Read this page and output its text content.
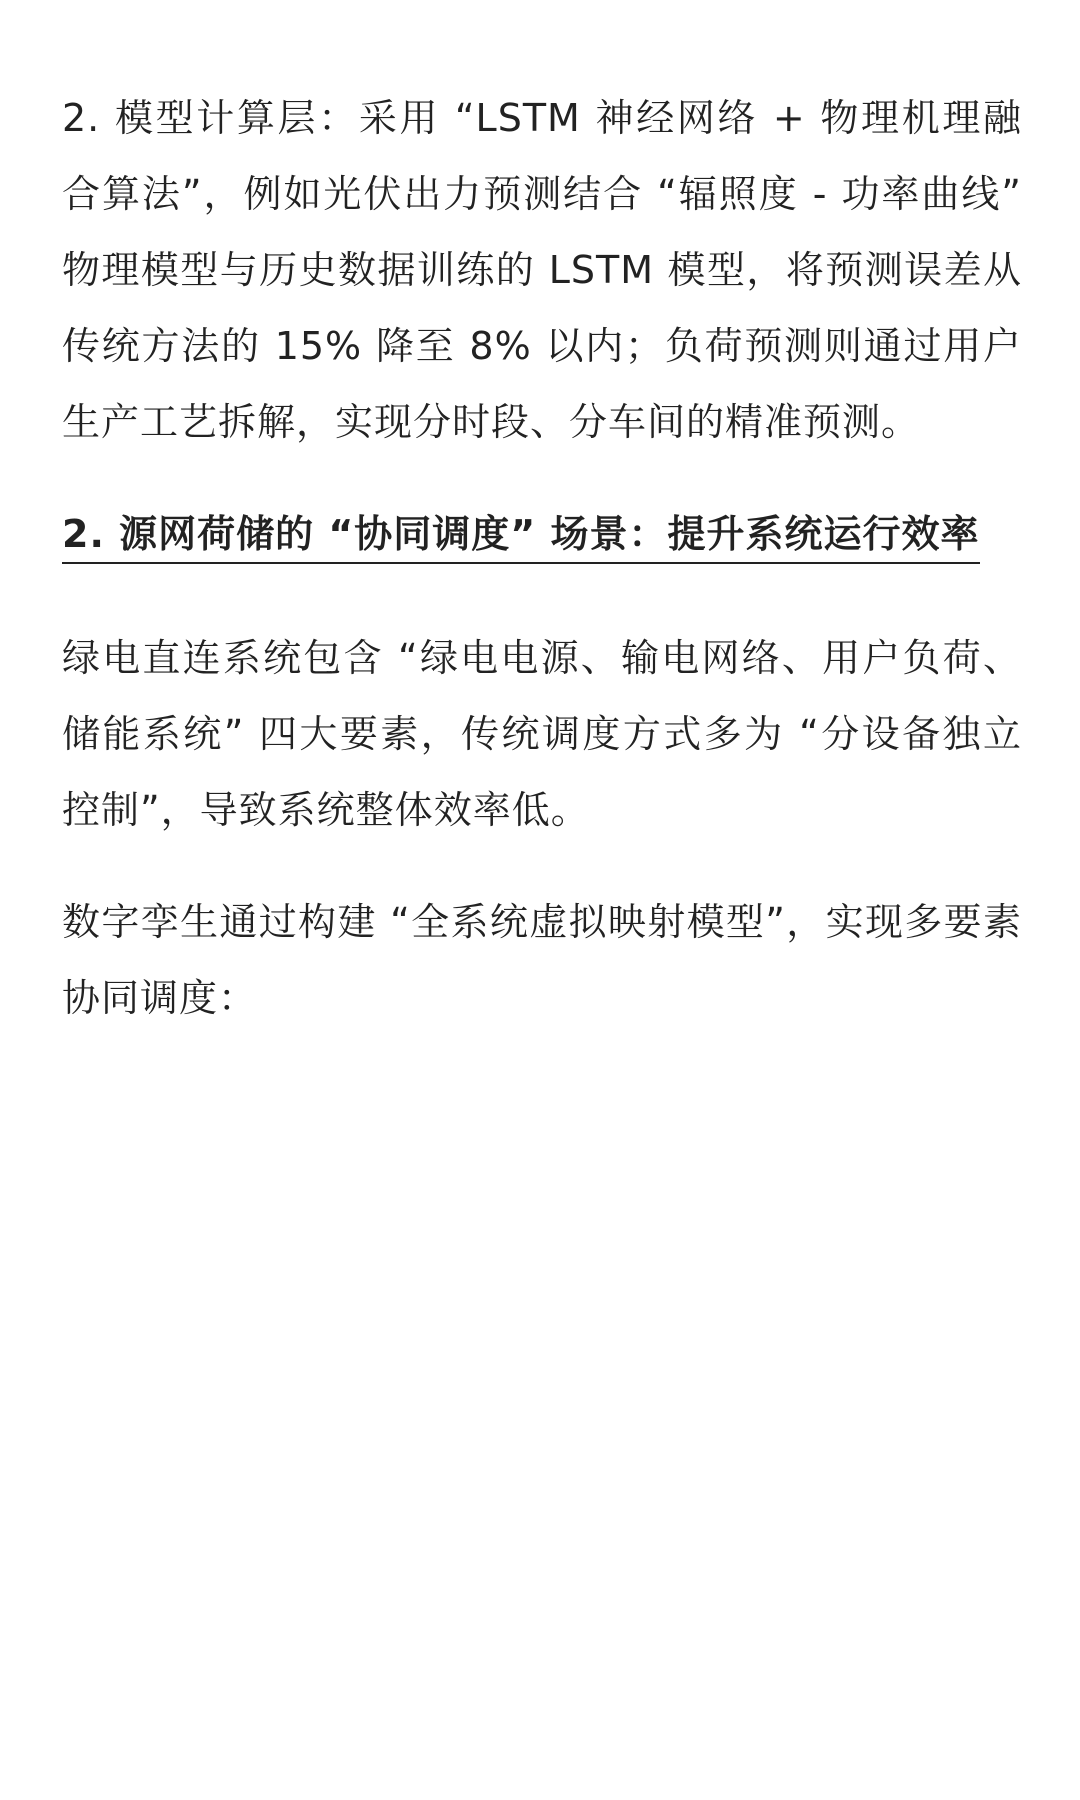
2. 模型计算层：采用 “LSTM 神经网络 + 物理机理融合算法”，例如光伏出力预测结合 “辐照度 - 功率曲线” 物理模型与历史数据训练的 LSTM 模型，将预测误差从传统方法的 15% 降至 8% 以内；负荷预测则通过用户生产工艺拆解，实现分时段、分车间的精准预测。

2. 源网荷储的 “协同调度” 场景：提升系统运行效率

绿电直连系统包含 “绿电电源、输电网络、用户负荷、储能系统” 四大要素，传统调度方式多为 “分设备独立控制”，导致系统整体效率低。

数字孪生通过构建 “全系统虚拟映射模型”，实现多要素协同调度：
